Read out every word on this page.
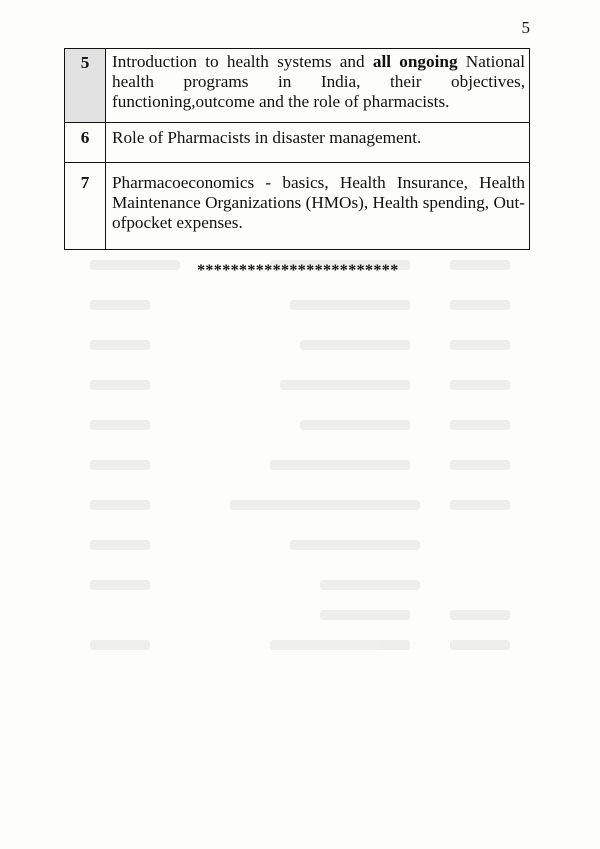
5
5	Introduction to health systems and all ongoing National health programs in India, their objectives, functioning,outcome and the role of pharmacists.
6	Role of Pharmacists in disaster management.
7	Pharmacoeconomics - basics, Health Insurance, Health Maintenance Organizations (HMOs), Health spending, Out-ofpocket expenses.
************************
